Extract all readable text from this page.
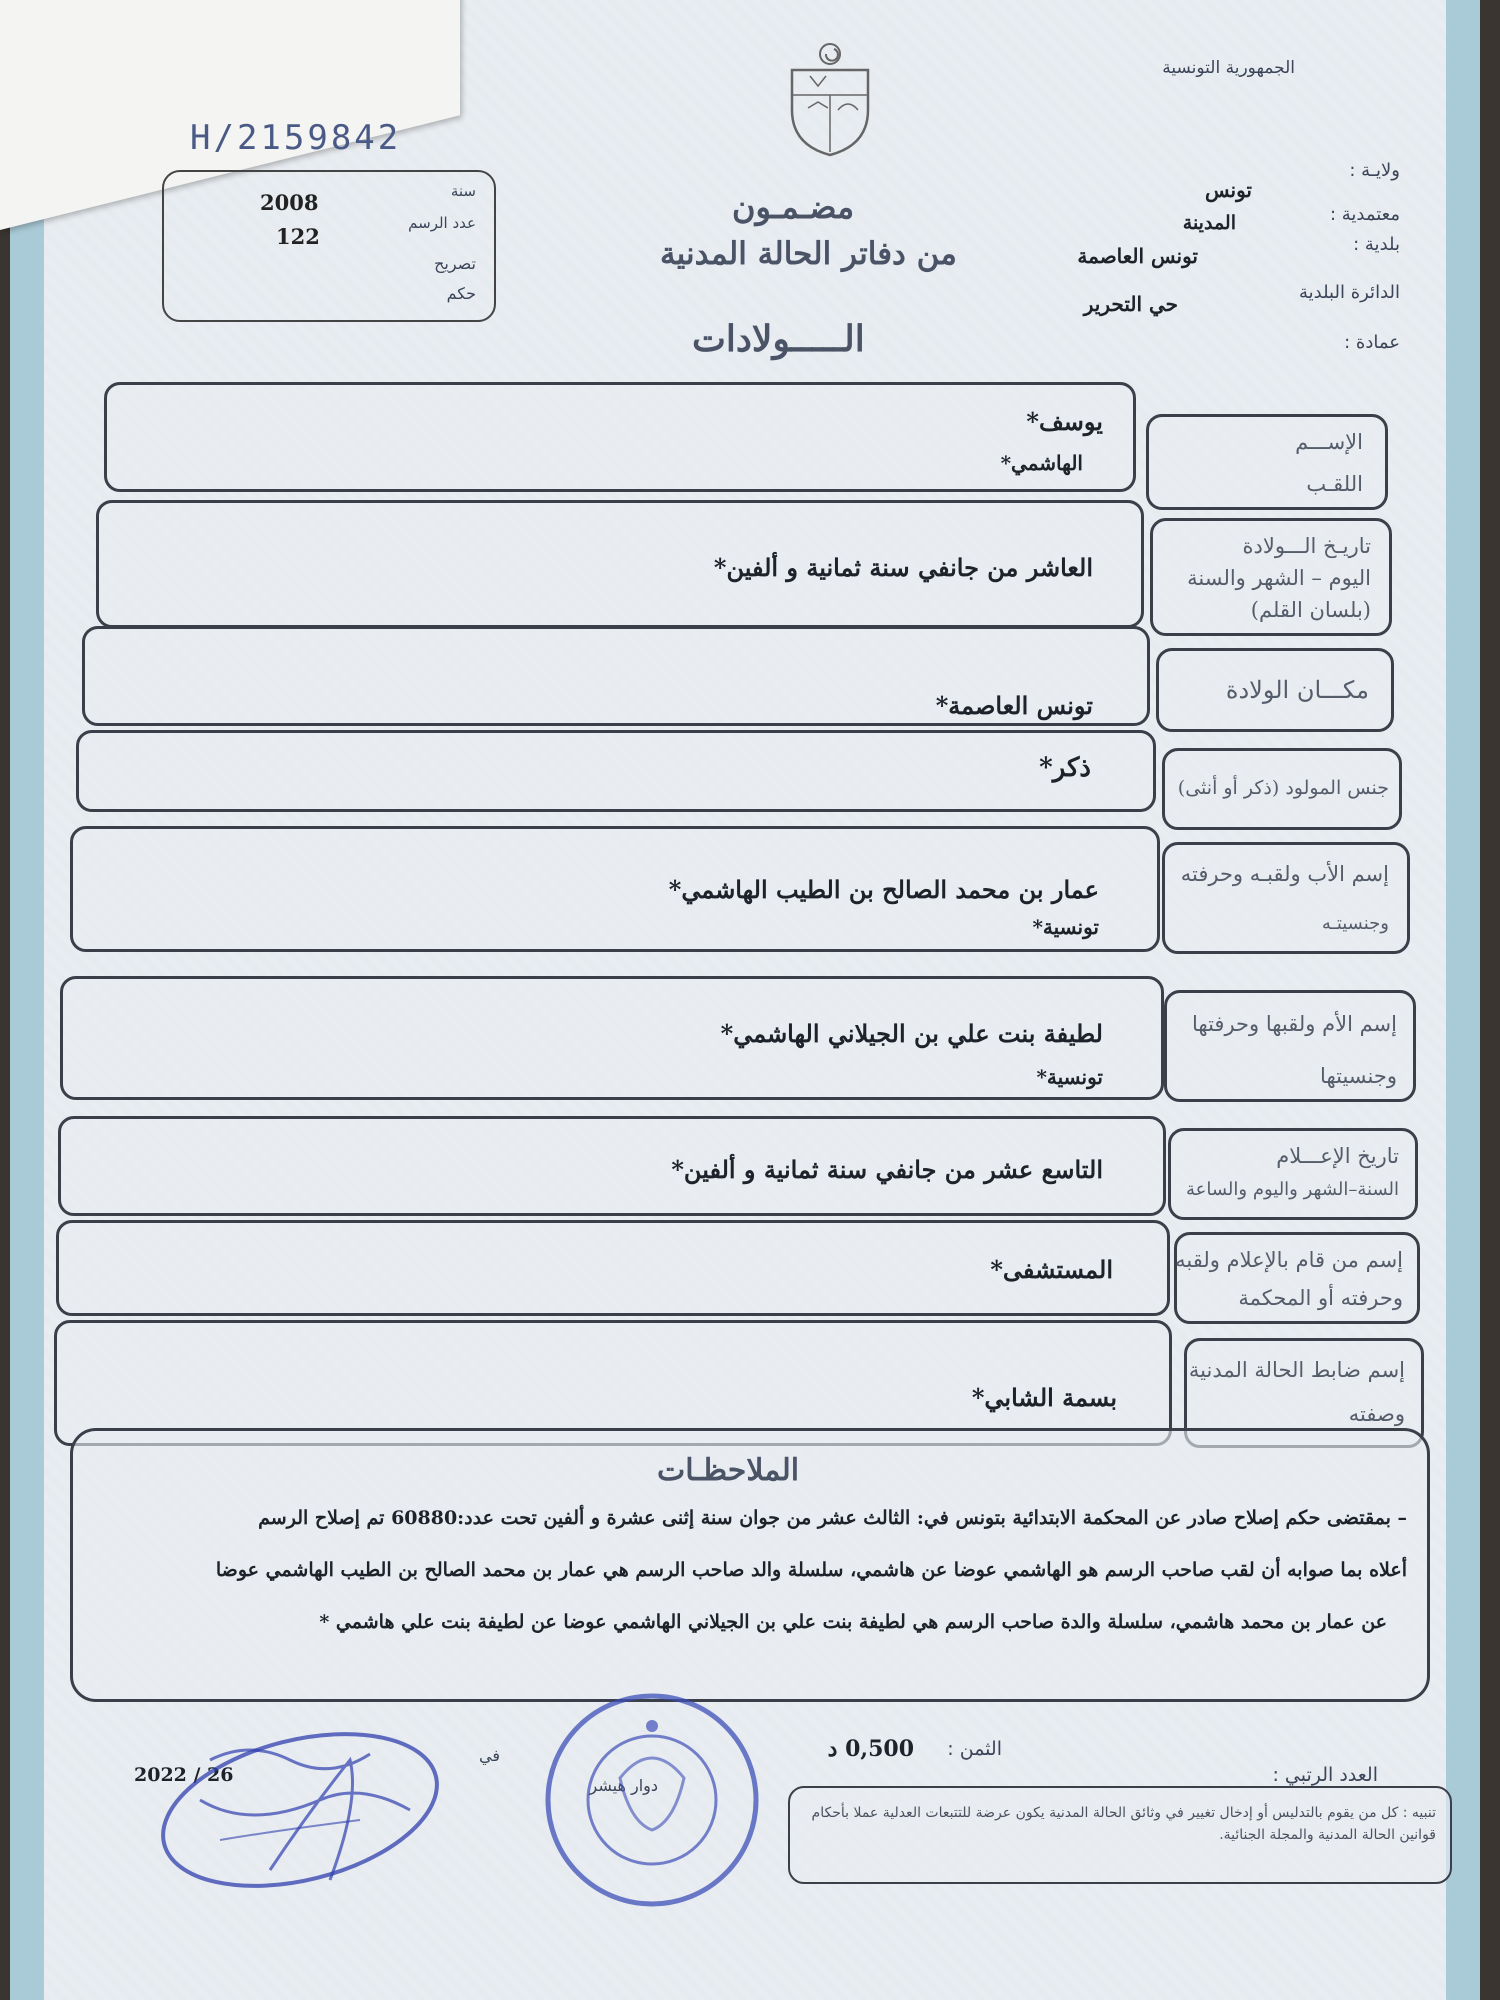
H/2159842
الجمهورية التونسية
سنة
عدد الرسم
تصريح
حكم
2008
122
مضـمـون
من دفاتر الحالة المدنية
الـــــولادات
ولايـة :
معتمدية :
بلدية :
الدائرة البلدية
عمادة :
تونس
المدينة
تونس العاصمة
حي التحرير
يوسف*
الهاشمي*
الإســـم
اللقـب
العاشر من جانفي سنة ثمانية و ألفين*
تاريـخ الـــولادة
اليوم – الشهر والسنة
(بلسان القلم)
تونس العاصمة*
مكـــان الولادة
ذكر*
جنس المولود (ذكر أو أنثى)
عمار بن محمد الصالح بن الطيب الهاشمي*
تونسية*
إسم الأب ولقبـه وحرفته
وجنسيتـه
لطيفة بنت علي بن الجيلاني الهاشمي*
تونسية*
إسم الأم ولقبها وحرفتها
وجنسيتها
التاسع عشر من جانفي سنة ثمانية و ألفين*	تاريخ الإعـــلام
السنة–الشهر واليوم والساعة
المستشفى*	إسم من قام بالإعلام ولقبه
وحرفته أو المحكمة
بسمة الشابي*
إسم ضابط الحالة المدنية
وصفته
الملاحظـات
– بمقتضى حكم إصلاح صادر عن المحكمة الابتدائية بتونس في: الثالث عشر من جوان سنة إثنى عشرة و ألفين تحت عدد:60880 تم إصلاح الرسم
أعلاه بما صوابه أن لقب صاحب الرسم هو الهاشمي عوضا عن هاشمي، سلسلة والد صاحب الرسم هي عمار بن محمد الصالح بن الطيب الهاشمي عوضا
عن عمار بن محمد هاشمي، سلسلة والدة صاحب الرسم هي لطيفة بنت علي بن الجيلاني الهاشمي عوضا عن لطيفة بنت علي هاشمي *
العدد الرتبي :
الثمن :
0,500 د
دوار هيشر
في
2022 / 26
تنبيه : كل من يقوم بالتدليس أو إدخال تغيير في وثائق الحالة المدنية يكون عرضة للتتبعات العدلية عملا بأحكام قوانين الحالة المدنية والمجلة الجنائية.
